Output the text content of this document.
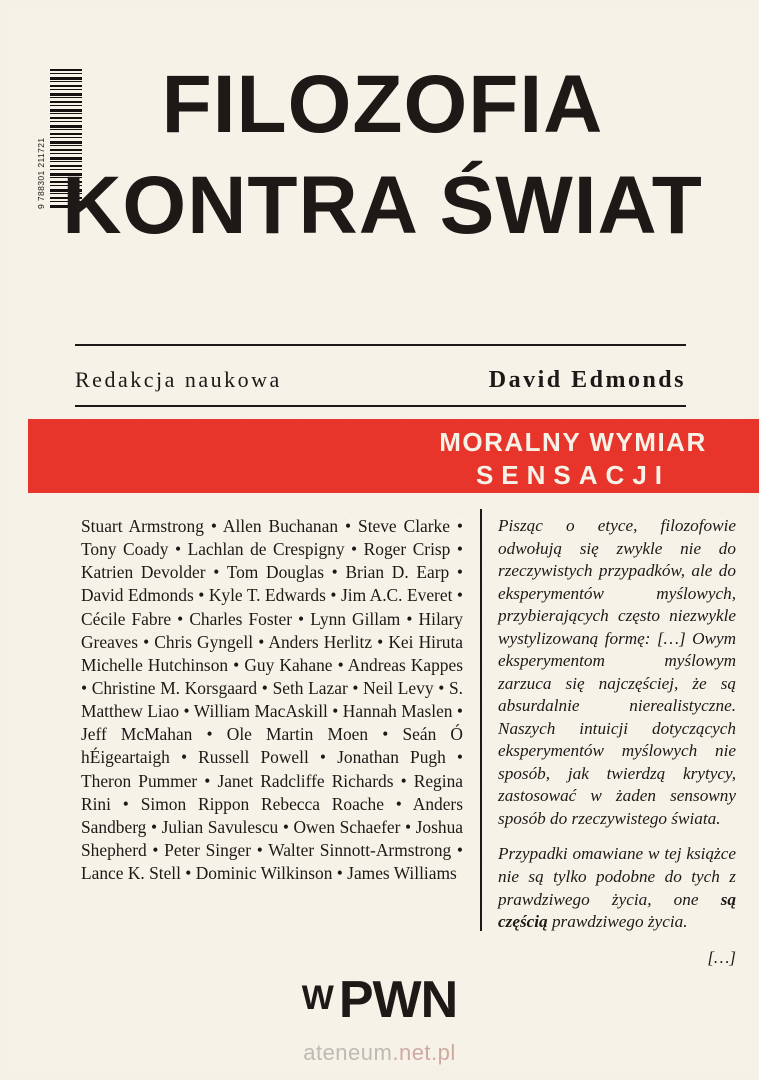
9 788301 211721
FILOZOFIA
KONTRA ŚWIAT
Redakcja naukowa	David Edmonds
MORALNY WYMIAR
SENSACJI
Stuart Armstrong • Allen Buchanan • Steve Clarke • Tony Coady • Lachlan de Crespigny • Roger Crisp • Katrien Devolder • Tom Douglas • Brian D. Earp • David Edmonds • Kyle T. Edwards • Jim A.C. Everet • Cécile Fabre • Charles Foster • Lynn Gillam • Hilary Greaves • Chris Gyngell • Anders Herlitz • Kei Hiruta Michelle Hutchinson • Guy Kahane • Andreas Kappes • Christine M. Korsgaard • Seth Lazar • Neil Levy • S. Matthew Liao • William MacAskill • Hannah Maslen • Jeff McMahan • Ole Martin Moen • Seán Ó hÉigeartaigh • Russell Powell • Jonathan Pugh • Theron Pummer • Janet Radcliffe Richards • Regina Rini • Simon Rippon Rebecca Roache • Anders Sandberg • Julian Savulescu • Owen Schaefer • Joshua Shepherd • Peter Singer • Walter Sinnott-Armstrong • Lance K. Stell • Dominic Wilkinson • James Williams

Pisząc o etyce, filozofowie odwołują się zwykle nie do rzeczywistych przypadków, ale do eksperymentów myślowych, przybierających często niezwykle wystylizowaną formę: […] Owym eksperymentom myślowym zarzuca się najczęściej, że są absurdalnie nierealistyczne. Naszych intuicji dotyczących eksperymentów myślowych nie sposób, jak twierdzą krytycy, zastosować w żaden sensowny sposób do rzeczywistego świata.

Przypadki omawiane w tej książce nie są tylko podobne do tych z prawdziwego życia, one są częścią prawdziwego życia.

[…]
W PWN
ateneum.net.pl
